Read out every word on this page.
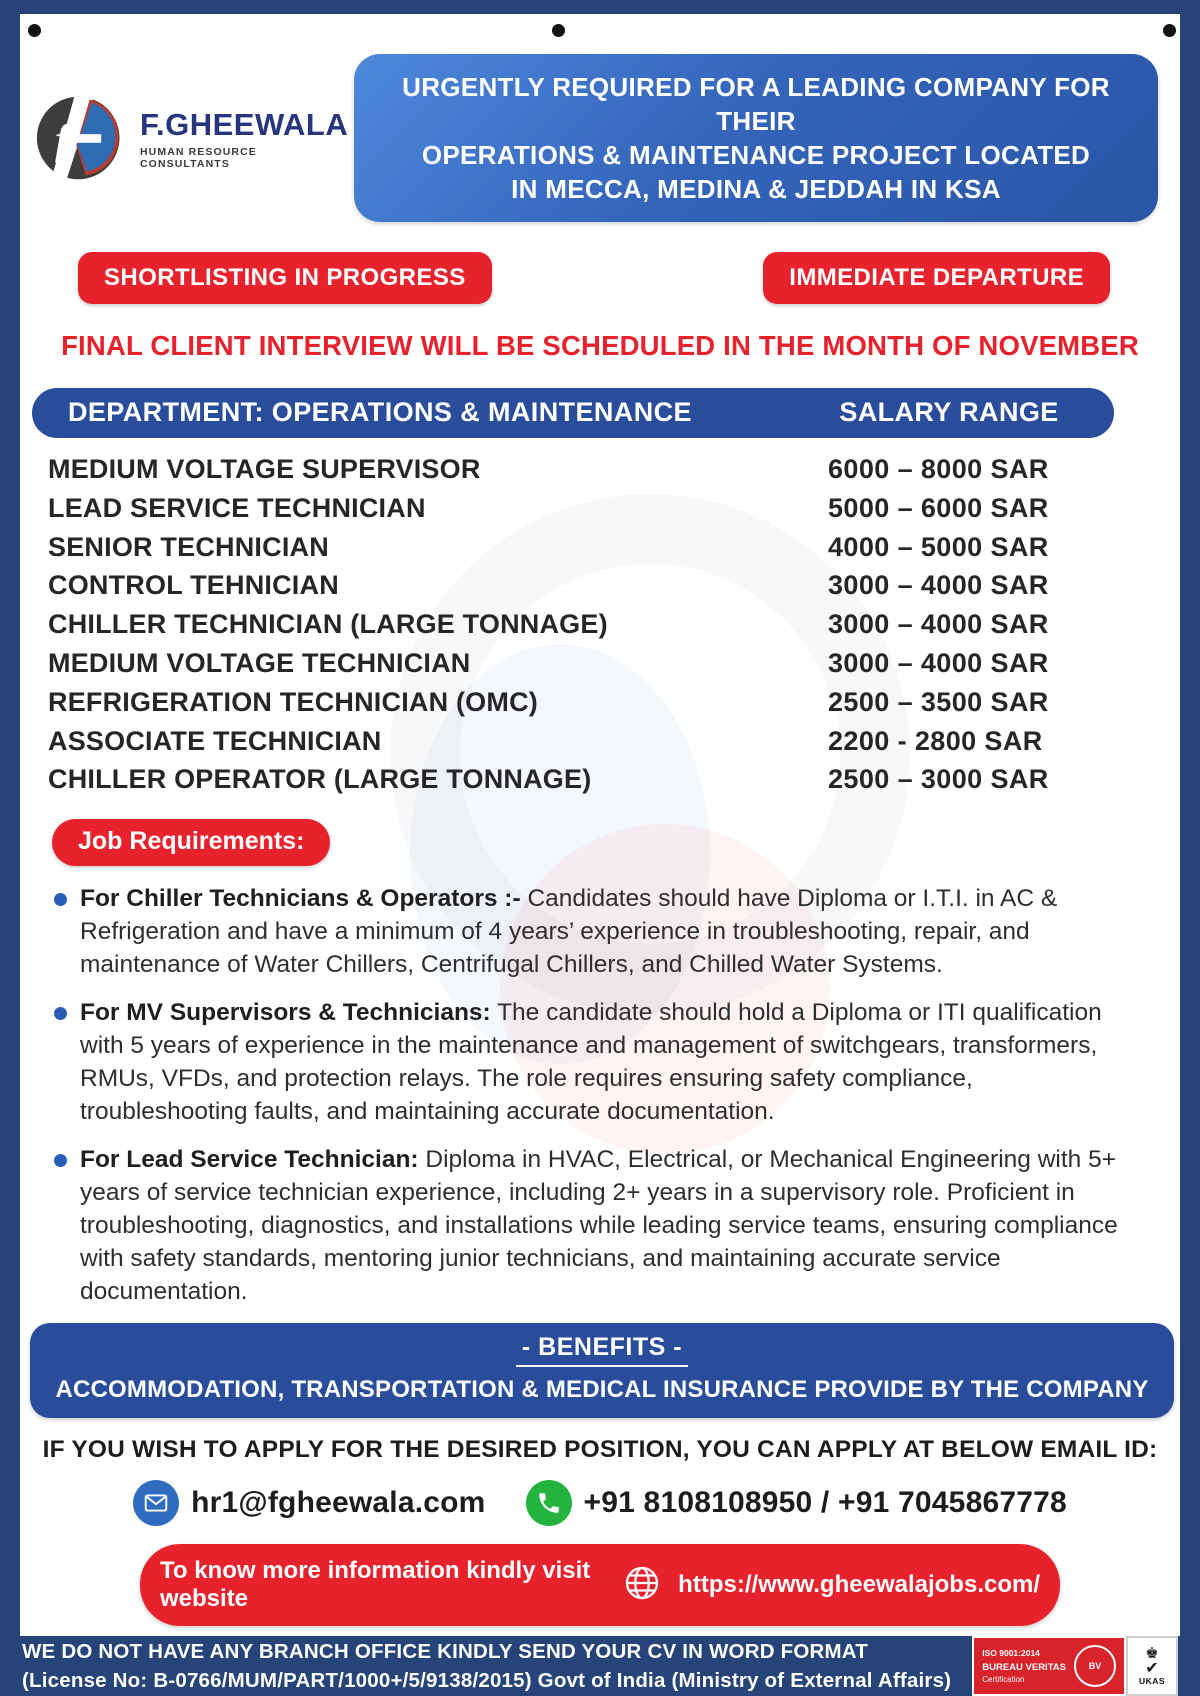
f F.GHEEWALA
HUMAN RESOURCE CONSULTANTS
URGENTLY REQUIRED FOR A LEADING COMPANY FOR THEIR
OPERATIONS & MAINTENANCE PROJECT LOCATED
IN MECCA, MEDINA & JEDDAH IN KSA
SHORTLISTING IN PROGRESS	IMMEDIATE DEPARTURE
FINAL CLIENT INTERVIEW WILL BE SCHEDULED IN THE MONTH OF NOVEMBER
DEPARTMENT: OPERATIONS & MAINTENANCE	SALARY RANGE
MEDIUM VOLTAGE SUPERVISOR	6000 – 8000 SAR
LEAD SERVICE TECHNICIAN	5000 – 6000 SAR
SENIOR TECHNICIAN	4000 – 5000 SAR
CONTROL TEHNICIAN	3000 – 4000 SAR
CHILLER TECHNICIAN (LARGE TONNAGE)	3000 – 4000 SAR
MEDIUM VOLTAGE TECHNICIAN	3000 – 4000 SAR
REFRIGERATION TECHNICIAN (OMC)	2500 – 3500 SAR
ASSOCIATE TECHNICIAN	2200 - 2800 SAR
CHILLER OPERATOR (LARGE TONNAGE)	2500 – 3000 SAR
Job Requirements:
For Chiller Technicians & Operators :- Candidates should have Diploma or I.T.I. in AC & Refrigeration and have a minimum of 4 years’ experience in troubleshooting, repair, and maintenance of Water Chillers, Centrifugal Chillers, and Chilled Water Systems.
For MV Supervisors & Technicians: The candidate should hold a Diploma or ITI qualification with 5 years of experience in the maintenance and management of switchgears, transformers, RMUs, VFDs, and protection relays. The role requires ensuring safety compliance, troubleshooting faults, and maintaining accurate documentation.
For Lead Service Technician: Diploma in HVAC, Electrical, or Mechanical Engineering with 5+ years of service technician experience, including 2+ years in a supervisory role. Proficient in troubleshooting, diagnostics, and installations while leading service teams, ensuring compliance with safety standards, mentoring junior technicians, and maintaining accurate service documentation.
- BENEFITS -
ACCOMMODATION, TRANSPORTATION & MEDICAL INSURANCE PROVIDE BY THE COMPANY
IF YOU WISH TO APPLY FOR THE DESIRED POSITION, YOU CAN APPLY AT BELOW EMAIL ID:
hr1@fgheewala.com	+91 8108108950 / +91 7045867778
To know more information kindly visit website
https://www.gheewalajobs.com/
WE DO NOT HAVE ANY BRANCH OFFICE KINDLY SEND YOUR CV IN WORD FORMAT
(License No: B-0766/MUM/PART/1000+/5/9138/2015) Govt of India (Ministry of External Affairs)
ISO 9001:2014
BUREAU VERITAS
Certification
BV
♚
✔
UKAS
